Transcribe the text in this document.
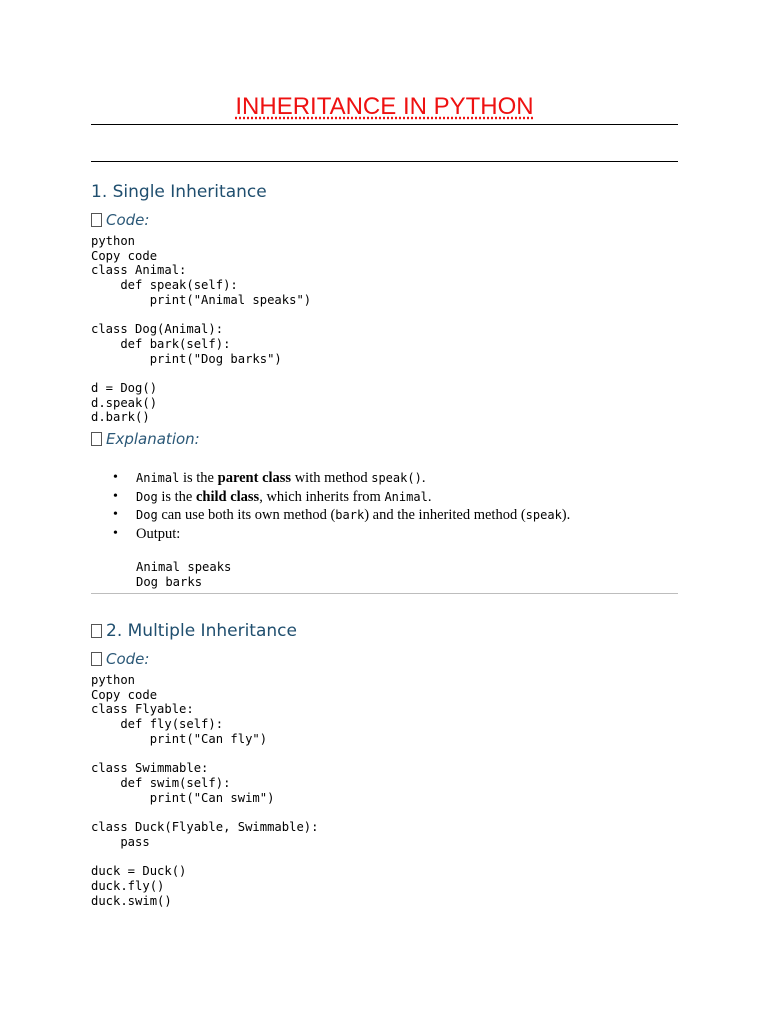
INHERITANCE IN PYTHON
1. Single Inheritance
Code:
python
Copy code
class Animal:
def speak(self):
print("Animal speaks")

class Dog(Animal):
def bark(self):
print("Dog barks")

d = Dog()
d.speak()
d.bark()
Explanation:
• Animal is the parent class with method speak().
• Dog is the child class, which inherits from Animal.
• Dog can use both its own method (bark) and the inherited method (speak).
• Output:
Animal speaks
Dog barks
2. Multiple Inheritance
Code:
python
Copy code
class Flyable:
def fly(self):
print("Can fly")

class Swimmable:
def swim(self):
print("Can swim")

class Duck(Flyable, Swimmable):
pass

duck = Duck()
duck.fly()
duck.swim()
